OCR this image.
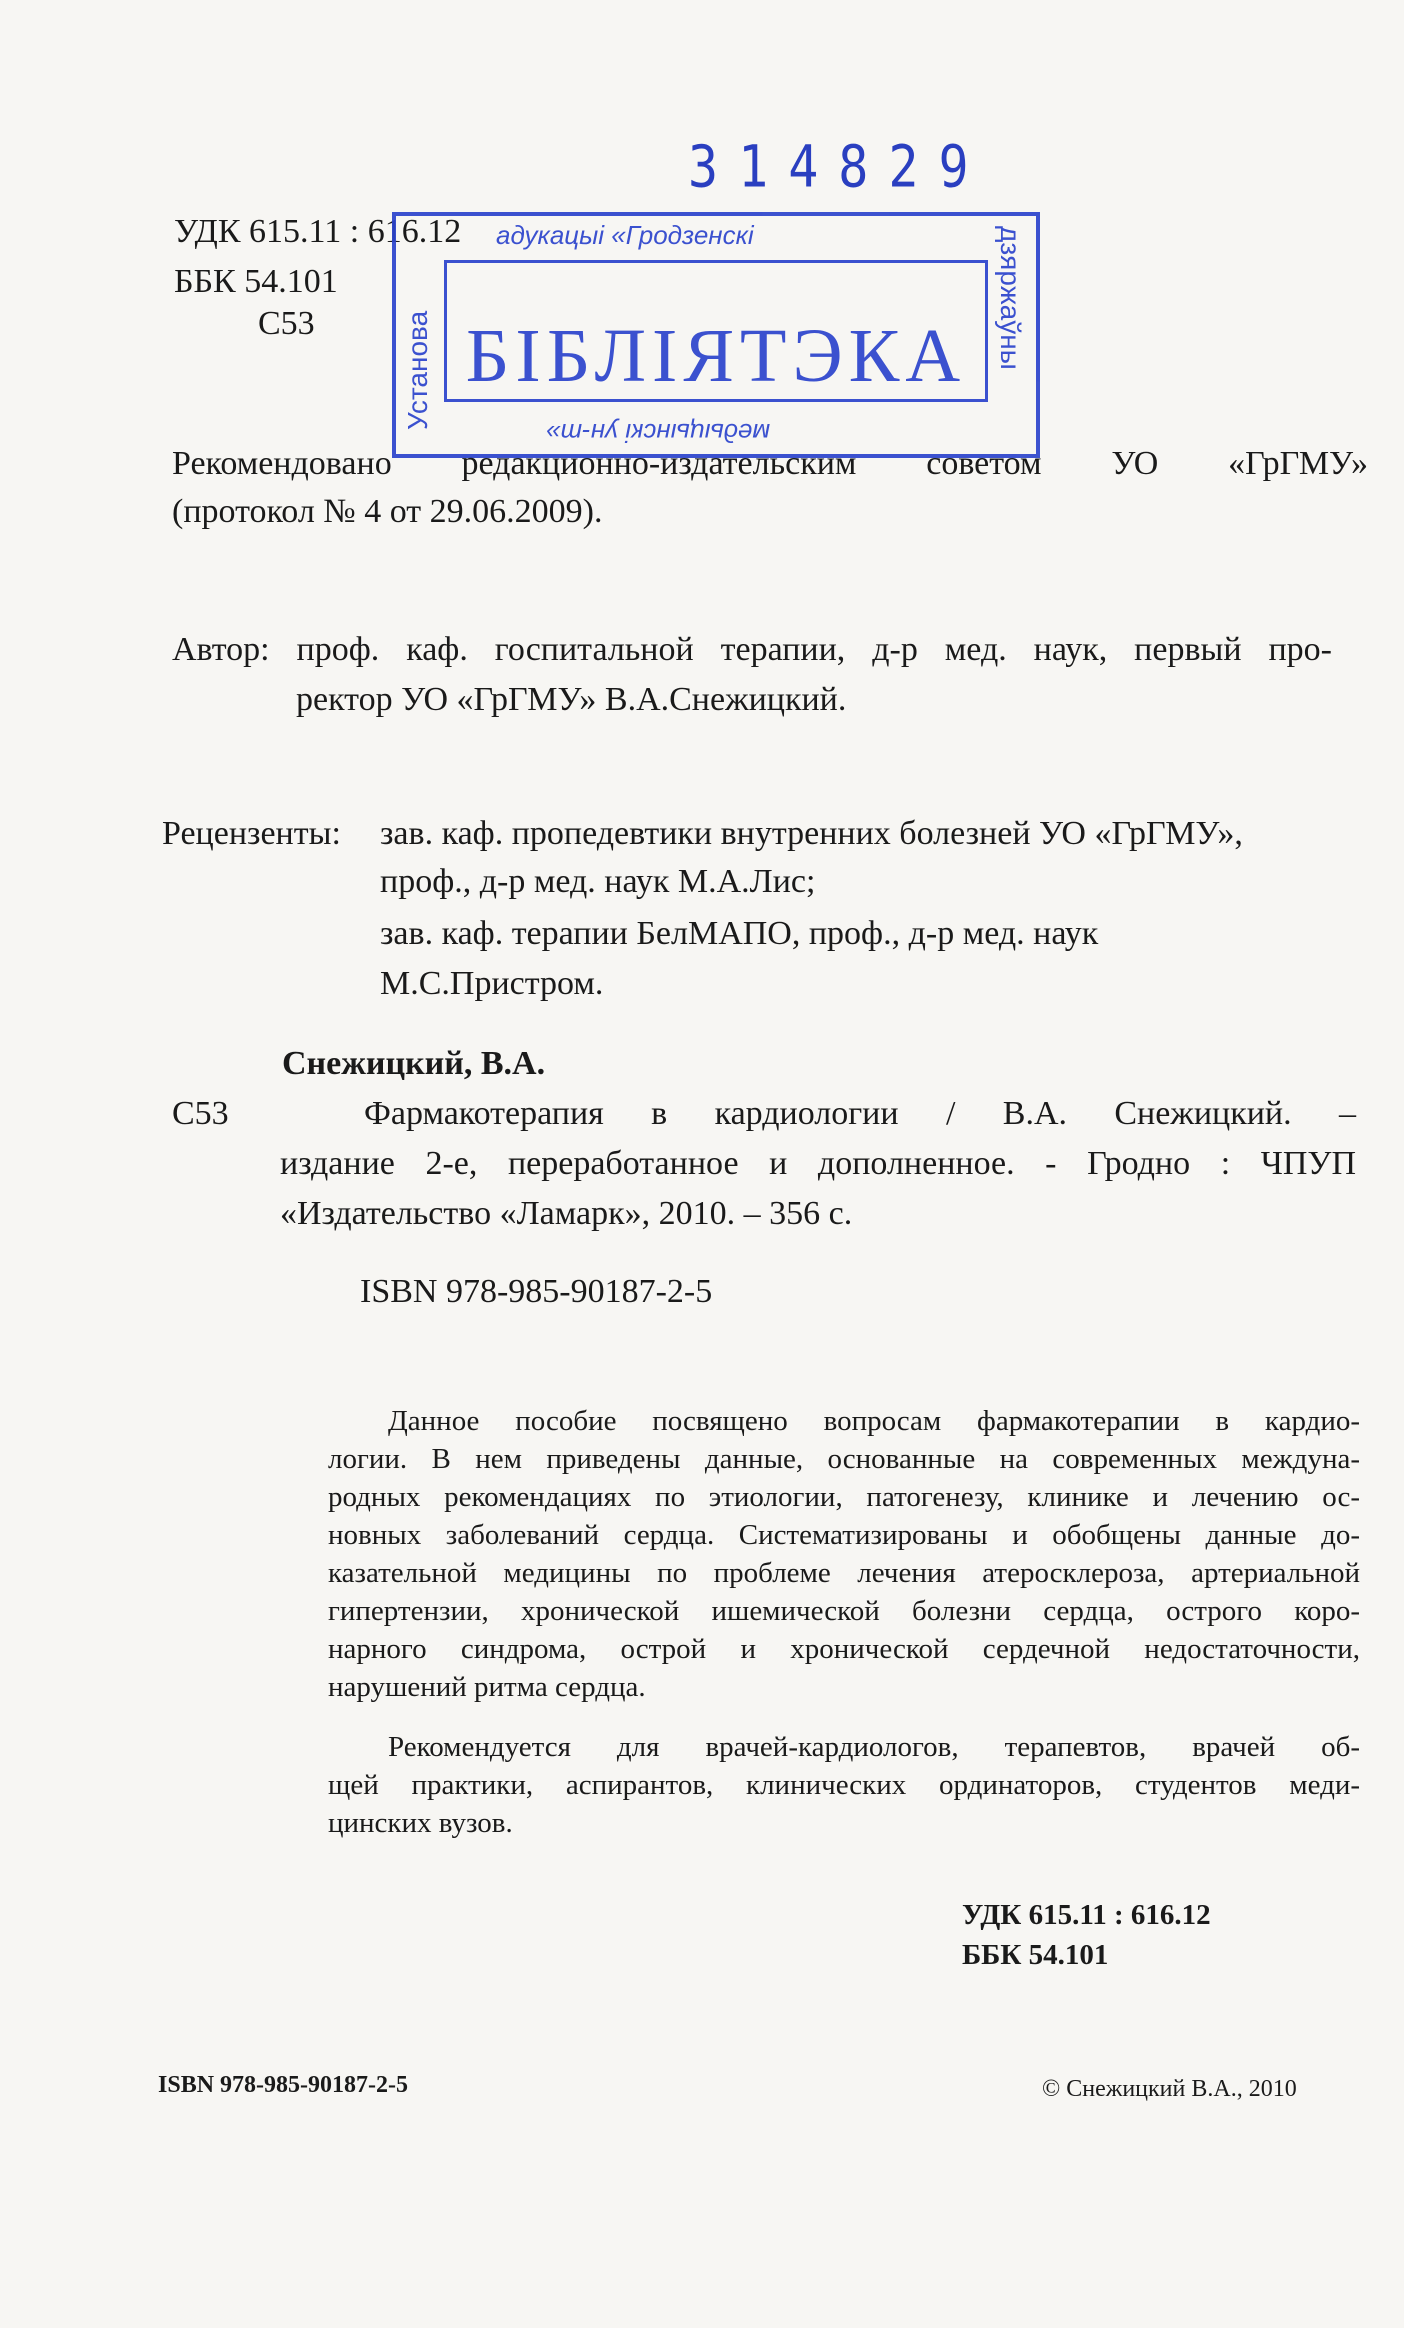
УДК 615.11 : 616.12
ББК 54.101
С53
314829
адукацыі «Гродзенскі
БІБЛІЯТЭКА
медыцынскі ун-т»
Установа
дзяржаўны
Рекомендовано редакционно-издательским советом УО «ГрГМУ»
(протокол № 4 от 29.06.2009).
Автор: проф. каф. госпитальной терапии, д-р мед. наук, первый про-
ректор УО «ГрГМУ» В.А.Снежицкий.
Рецензенты: зав. каф. пропедевтики внутренних болезней УО «ГрГМУ»,
проф., д-р мед. наук М.А.Лис;
зав. каф. терапии БелМАПО, проф., д-р мед. наук
М.С.Пристром.
Снежицкий, В.А.
С53	Фармакотерапия в кардиологии / В.А. Снежицкий. –
издание 2-е, переработанное и дополненное. - Гродно : ЧПУП
«Издательство «Ламарк», 2010. – 356 с.
ISBN 978-985-90187-2-5
Данное пособие посвящено вопросам фармакотерапии в кардио-
логии. В нем приведены данные, основанные на современных междуна-
родных рекомендациях по этиологии, патогенезу, клинике и лечению ос-
новных заболеваний сердца. Систематизированы и обобщены данные до-
казательной медицины по проблеме лечения атеросклероза, артериальной
гипертензии, хронической ишемической болезни сердца, острого коро-
нарного синдрома, острой и хронической сердечной недостаточности,
нарушений ритма сердца.
Рекомендуется для врачей-кардиологов, терапевтов, врачей об-
щей практики, аспирантов, клинических ординаторов, студентов меди-
цинских вузов.
УДК 615.11 : 616.12
ББК 54.101
ISBN 978-985-90187-2-5	© Снежицкий В.А., 2010
